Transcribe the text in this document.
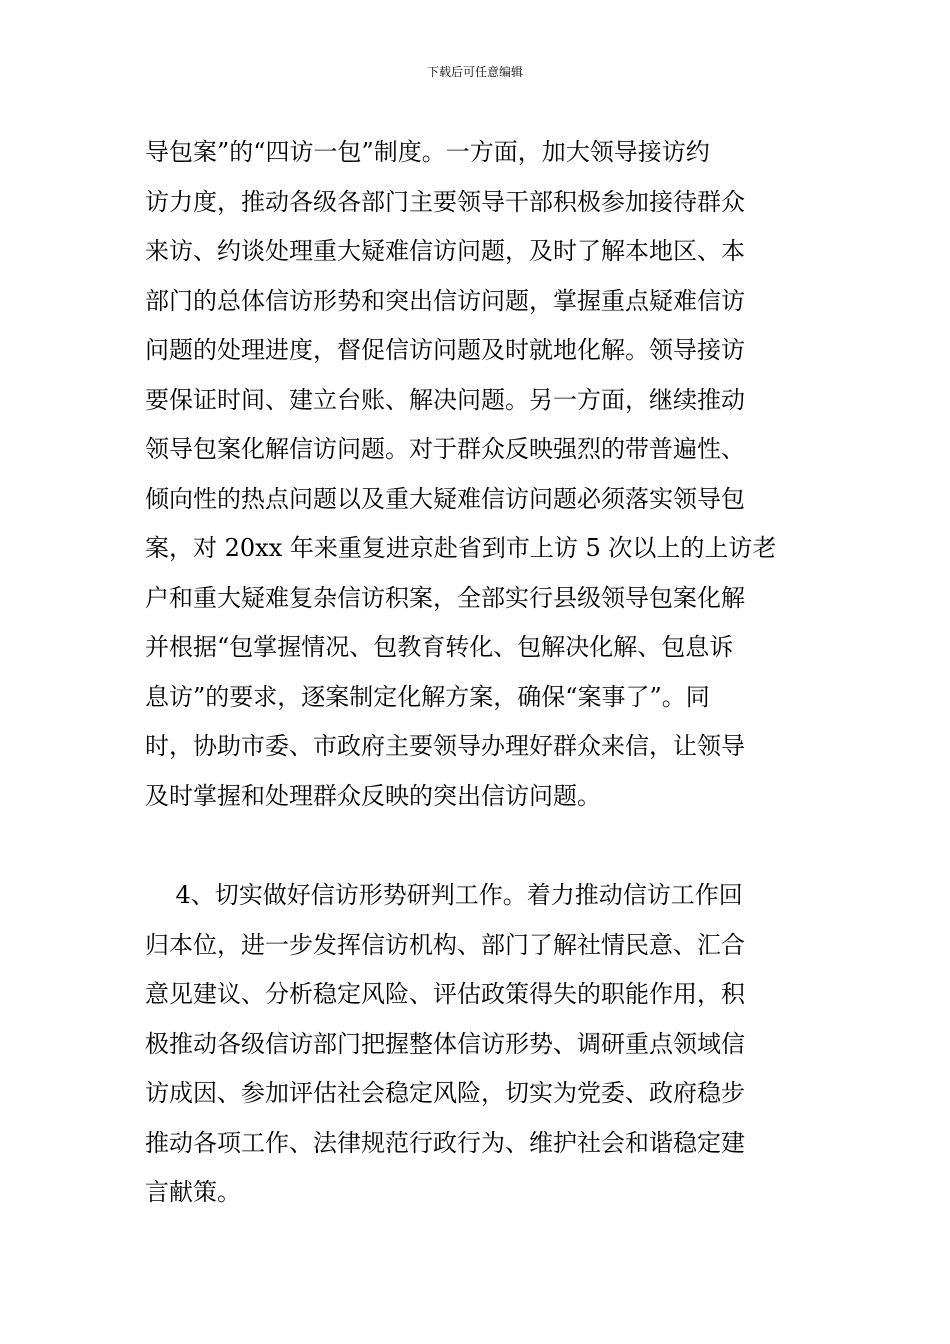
下载后可任意编辑
导包案”的“四访一包”制度。一方面，加大领导接访约
访力度，推动各级各部门主要领导干部积极参加接待群众
来访、约谈处理重大疑难信访问题，及时了解本地区、本
部门的总体信访形势和突出信访问题，掌握重点疑难信访
问题的处理进度，督促信访问题及时就地化解。领导接访
要保证时间、建立台账、解决问题。另一方面，继续推动
领导包案化解信访问题。对于群众反映强烈的带普遍性、
倾向性的热点问题以及重大疑难信访问题必须落实领导包
案，对 20xx 年来重复进京赴省到市上访 5 次以上的上访老
户和重大疑难复杂信访积案，全部实行县级领导包案化解
并根据“包掌握情况、包教育转化、包解决化解、包息诉
息访”的要求，逐案制定化解方案，确保“案事了”。同
时，协助市委、市政府主要领导办理好群众来信，让领导
及时掌握和处理群众反映的突出信访问题。
4、切实做好信访形势研判工作。着力推动信访工作回
归本位，进一步发挥信访机构、部门了解社情民意、汇合
意见建议、分析稳定风险、评估政策得失的职能作用，积
极推动各级信访部门把握整体信访形势、调研重点领域信
访成因、参加评估社会稳定风险，切实为党委、政府稳步
推动各项工作、法律规范行政行为、维护社会和谐稳定建
言献策。
